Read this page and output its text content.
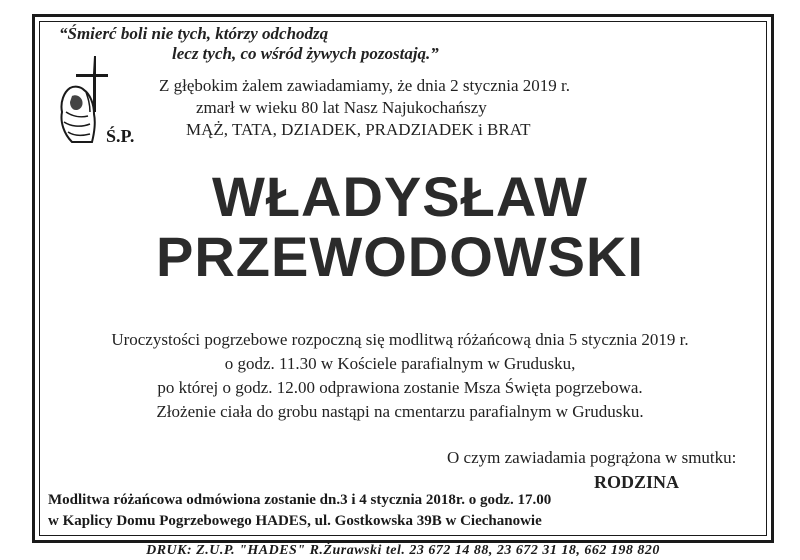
“Śmierć boli nie tych, którzy odchodzą
lecz tych, co wśród żywych pozostają.”
Ś.P.
Z głębokim żalem zawiadamiamy, że dnia 2 stycznia 2019 r.
zmarł w wieku 80 lat Nasz Najukochańszy
MĄŻ, TATA, DZIADEK, PRADZIADEK i BRAT
WŁADYSŁAW
PRZEWODOWSKI
Uroczystości pogrzebowe rozpoczną się modlitwą różańcową dnia 5 stycznia 2019 r.
o godz. 11.30 w Kościele parafialnym w Grudusku,
po której o godz. 12.00 odprawiona zostanie Msza Święta pogrzebowa.
Złożenie ciała do grobu nastąpi na cmentarzu parafialnym w Grudusku.
O czym zawiadamia pogrążona w smutku:
RODZINA
Modlitwa różańcowa odmówiona zostanie dn.3 i 4 stycznia 2018r. o godz. 17.00
w Kaplicy Domu Pogrzebowego HADES, ul. Gostkowska 39B w Ciechanowie
DRUK: Z.U.P. "HADES" R.Żurawski tel. 23 672 14 88, 23 672 31 18, 662 198 820
